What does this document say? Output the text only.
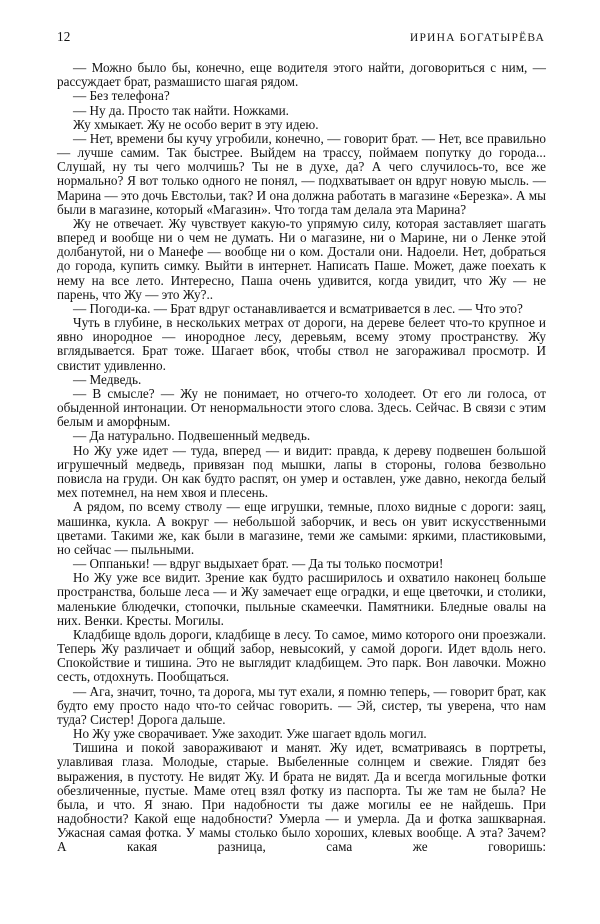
12	ИРИНА БОГАТЫРЁВА

— Можно было бы, конечно, еще водителя этого найти, договориться с ним, — рассуждает брат, размашисто шагая рядом.

— Без телефона?

— Ну да. Просто так найти. Ножками.

Жу хмыкает. Жу не особо верит в эту идею.

— Нет, времени бы кучу угробили, конечно, — говорит брат. — Нет, все правильно — лучше самим. Так быстрее. Выйдем на трассу, поймаем попутку до города... Слушай, ну ты чего молчишь? Ты не в духе, да? А чего случилось-то, все же нормально? Я вот только одного не понял, — подхватывает он вдруг новую мысль. — Марина — это дочь Евстольи, так? И она должна работать в магазине «Березка». А мы были в магазине, который «Магазин». Что тогда там делала эта Марина?

Жу не отвечает. Жу чувствует какую-то упрямую силу, которая заставляет шагать вперед и вообще ни о чем не думать. Ни о магазине, ни о Марине, ни о Ленке этой долбанутой, ни о Манефе — вообще ни о ком. Достали они. Надоели. Нет, добраться до города, купить симку. Выйти в интернет. Написать Паше. Может, даже поехать к нему на все лето. Интересно, Паша очень удивится, когда увидит, что Жу — не парень, что Жу — это Жу?..

— Погоди-ка. — Брат вдруг останавливается и всматривается в лес. — Что это?

Чуть в глубине, в нескольких метрах от дороги, на дереве белеет что-то крупное и явно инородное — инородное лесу, деревьям, всему этому пространству. Жу вглядывается. Брат тоже. Шагает вбок, чтобы ствол не загораживал просмотр. И свистит удивленно.

— Медведь.

— В смысле? — Жу не понимает, но отчего-то холодеет. От его ли голоса, от обыденной интонации. От ненормальности этого слова. Здесь. Сейчас. В связи с этим белым и аморфным.

— Да натурально. Подвешенный медведь.

Но Жу уже идет — туда, вперед — и видит: правда, к дереву подвешен большой игрушечный медведь, привязан под мышки, лапы в стороны, голова безвольно повисла на груди. Он как будто распят, он умер и оставлен, уже давно, некогда белый мех потемнел, на нем хвоя и плесень.

А рядом, по всему стволу — еще игрушки, темные, плохо видные с дороги: заяц, машинка, кукла. А вокруг — небольшой заборчик, и весь он увит искусственными цветами. Такими же, как были в магазине, теми же самыми: яркими, пластиковыми, но сейчас — пыльными.

— Оппаньки! — вдруг выдыхает брат. — Да ты только посмотри!

Но Жу уже все видит. Зрение как будто расширилось и охватило наконец больше пространства, больше леса — и Жу замечает еще оградки, и еще цветочки, и столики, маленькие блюдечки, стопочки, пыльные скамеечки. Памятники. Бледные овалы на них. Венки. Кресты. Могилы.

Кладбище вдоль дороги, кладбище в лесу. То самое, мимо которого они проезжали. Теперь Жу различает и общий забор, невысокий, у самой дороги. Идет вдоль него. Спокойствие и тишина. Это не выглядит кладбищем. Это парк. Вон лавочки. Можно сесть, отдохнуть. Пообщаться.

— Ага, значит, точно, та дорога, мы тут ехали, я помню теперь, — говорит брат, как будто ему просто надо что-то сейчас говорить. — Эй, систер, ты уверена, что нам туда? Систер! Дорога дальше.

Но Жу уже сворачивает. Уже заходит. Уже шагает вдоль могил.

Тишина и покой завораживают и манят. Жу идет, всматриваясь в портреты, улавливая глаза. Молодые, старые. Выбеленные солнцем и свежие. Глядят без выражения, в пустоту. Не видят Жу. И брата не видят. Да и всегда могильные фотки обезличенные, пустые. Маме отец взял фотку из паспорта. Ты же там не была? Не была, и что. Я знаю. При надобности ты даже могилы ее не найдешь. При надобности? Какой еще надобности? Умерла — и умерла. Да и фотка зашкварная. Ужасная самая фотка. У мамы столько было хороших, клевых вообще. А эта? Зачем? А какая разница, сама же говоришь:
